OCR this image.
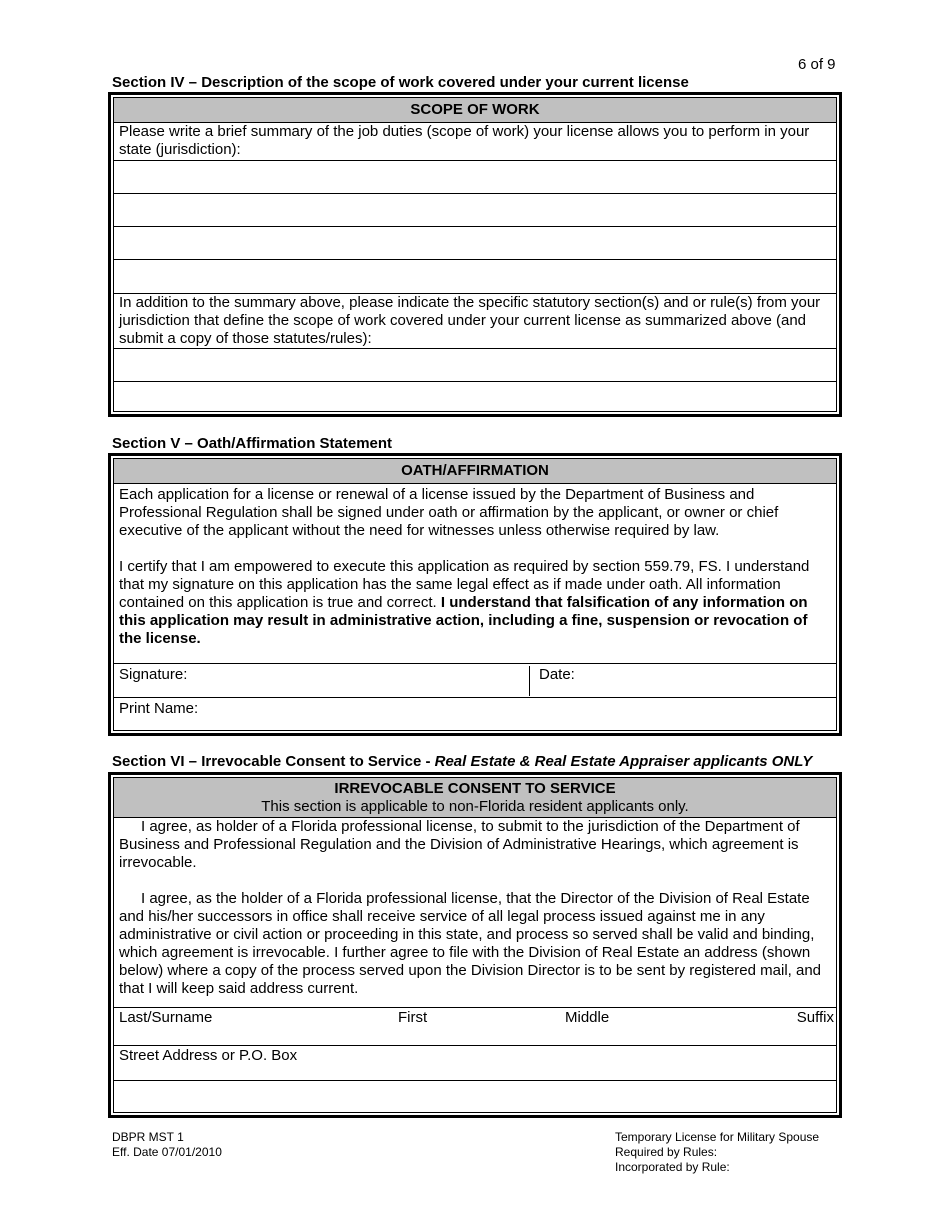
6 of 9
Section IV – Description of the scope of work covered under your current license
SCOPE OF WORK
Please write a brief summary of the job duties (scope of work) your license allows you to perform in your state (jurisdiction):
In addition to the summary above, please indicate the specific statutory section(s) and or rule(s) from your jurisdiction that define the scope of work covered under your current license as summarized above (and submit a copy of those statutes/rules):
Section V – Oath/Affirmation Statement
OATH/AFFIRMATION
Each application for a license or renewal of a license issued by the Department of Business and Professional Regulation shall be signed under oath or affirmation by the applicant, or owner or chief executive of the applicant without the need for witnesses unless otherwise required by law.
I certify that I am empowered to execute this application as required by section 559.79, FS. I understand that my signature on this application has the same legal effect as if made under oath. All information contained on this application is true and correct. I understand that falsification of any information on this application may result in administrative action, including a fine, suspension or revocation of the license.
Signature:	Date:
Print Name:
Section VI – Irrevocable Consent to Service - Real Estate & Real Estate Appraiser applicants ONLY
IRREVOCABLE CONSENT TO SERVICE
This section is applicable to non-Florida resident applicants only.
I agree, as holder of a Florida professional license, to submit to the jurisdiction of the Department of Business and Professional Regulation and the Division of Administrative Hearings, which agreement is irrevocable.
I agree, as the holder of a Florida professional license, that the Director of the Division of Real Estate and his/her successors in office shall receive service of all legal process issued against me in any administrative or civil action or proceeding in this state, and process so served shall be valid and binding, which agreement is irrevocable. I further agree to file with the Division of Real Estate an address (shown below) where a copy of the process served upon the Division Director is to be sent by registered mail, and that I will keep said address current.
Last/Surname	First	Middle	Suffix
Street Address or P.O. Box
DBPR MST 1
Eff. Date 07/01/2010
Temporary License for Military Spouse
Required by Rules:
Incorporated by Rule:
